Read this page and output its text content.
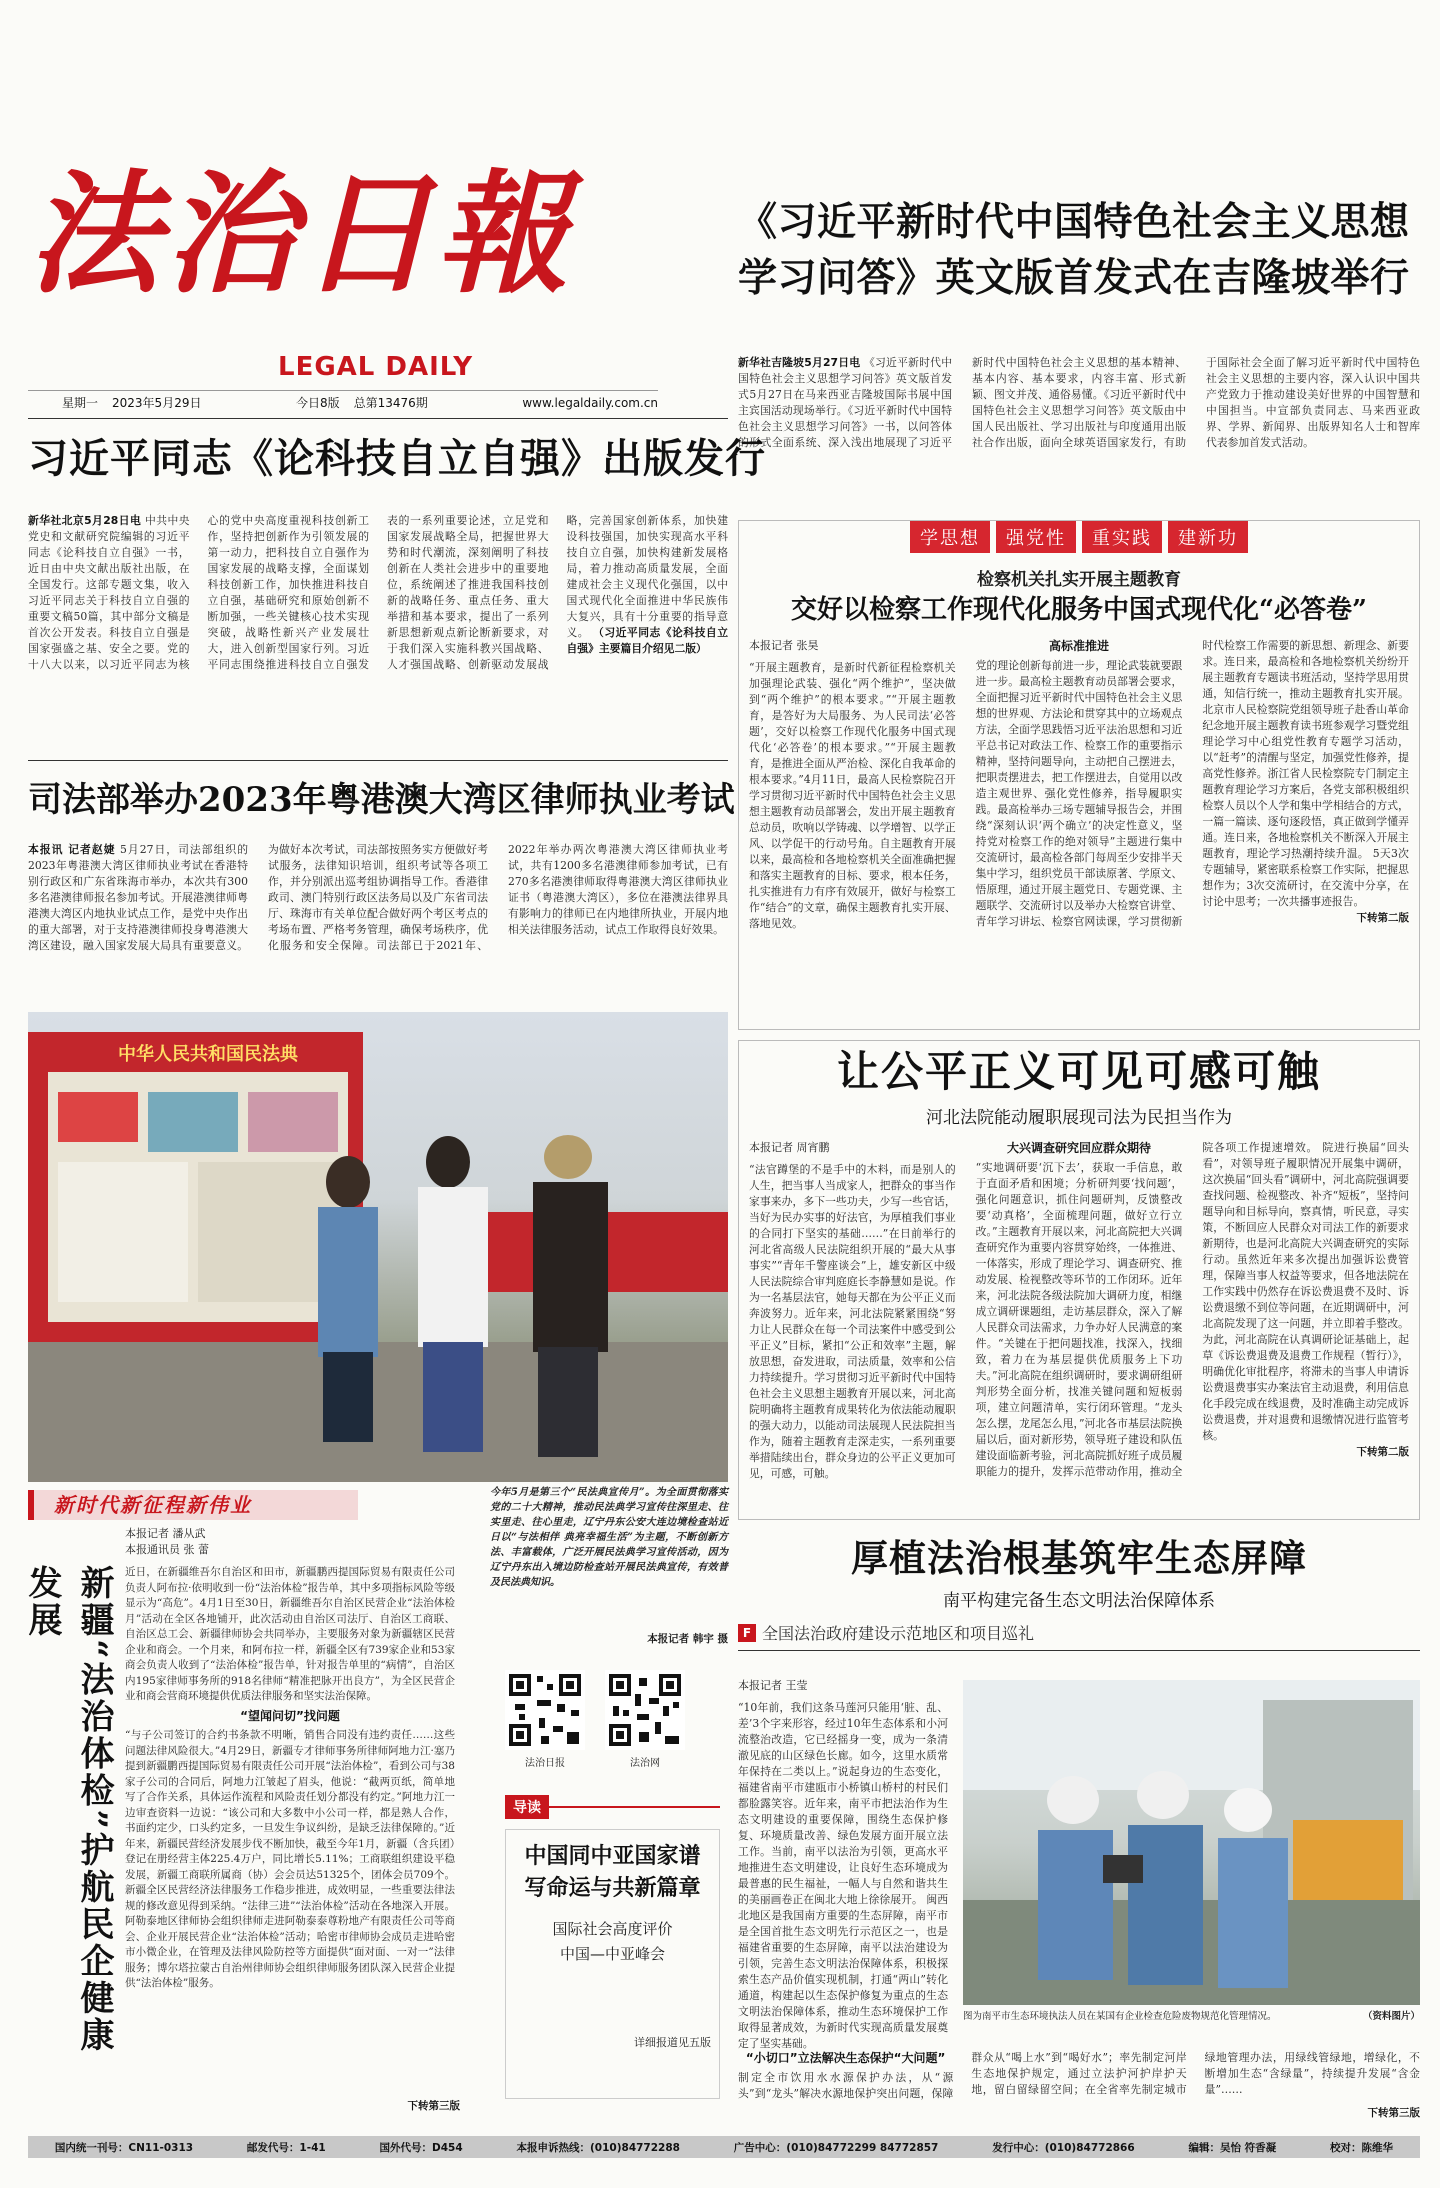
法治日報
LEGAL DAILY
星期一 2023年5月29日	今日8版 总第13476期	www.legaldaily.com.cn
《习近平新时代中国特色社会主义思想学习问答》英文版首发式在吉隆坡举行
新华社吉隆坡5月27日电 《习近平新时代中国特色社会主义思想学习问答》英文版首发式5月27日在马来西亚吉隆坡国际书展中国主宾国活动现场举行。《习近平新时代中国特色社会主义思想学习问答》一书，以问答体的形式全面系统、深入浅出地展现了习近平新时代中国特色社会主义思想的基本精神、基本内容、基本要求，内容丰富、形式新颖、图文并茂、通俗易懂。《习近平新时代中国特色社会主义思想学习问答》英文版由中国人民出版社、学习出版社与印度通用出版社合作出版，面向全球英语国家发行，有助于国际社会全面了解习近平新时代中国特色社会主义思想的主要内容，深入认识中国共产党致力于推动建设美好世界的中国智慧和中国担当。中宣部负责同志、马来西亚政界、学界、新闻界、出版界知名人士和智库代表参加首发式活动。
习近平同志《论科技自立自强》出版发行
新华社北京5月28日电 中共中央党史和文献研究院编辑的习近平同志《论科技自立自强》一书，近日由中央文献出版社出版，在全国发行。这部专题文集，收入习近平同志关于科技自立自强的重要文稿50篇，其中部分文稿是首次公开发表。科技自立自强是国家强盛之基、安全之要。党的十八大以来，以习近平同志为核心的党中央高度重视科技创新工作，坚持把创新作为引领发展的第一动力，把科技自立自强作为国家发展的战略支撑，全面谋划科技创新工作，加快推进科技自立自强，基础研究和原始创新不断加强，一些关键核心技术实现突破，战略性新兴产业发展壮大，进入创新型国家行列。习近平同志围绕推进科技自立自强发表的一系列重要论述，立足党和国家发展战略全局，把握世界大势和时代潮流，深刻阐明了科技创新在人类社会进步中的重要地位，系统阐述了推进我国科技创新的战略任务、重点任务、重大举措和基本要求，提出了一系列新思想新观点新论断新要求，对于我们深入实施科教兴国战略、人才强国战略、创新驱动发展战略，完善国家创新体系，加快建设科技强国，加快实现高水平科技自立自强，加快构建新发展格局，着力推动高质量发展，全面建成社会主义现代化强国，以中国式现代化全面推进中华民族伟大复兴，具有十分重要的指导意义。 （习近平同志《论科技自立自强》主要篇目介绍见二版）
司法部举办2023年粤港澳大湾区律师执业考试
本报讯 记者赵婕 5月27日，司法部组织的2023年粤港澳大湾区律师执业考试在香港特别行政区和广东省珠海市举办，本次共有300多名港澳律师报名参加考试。开展港澳律师粤港澳大湾区内地执业试点工作，是党中央作出的重大部署，对于支持港澳律师投身粤港澳大湾区建设，融入国家发展大局具有重要意义。为做好本次考试，司法部按照务实方便做好考试服务，法律知识培训，组织考试等各项工作，并分别派出巡考组协调指导工作。香港律政司、澳门特别行政区法务局以及广东省司法厅、珠海市有关单位配合做好两个考区考点的考场布置、严格考务管理，确保考场秩序，优化服务和安全保障。司法部已于2021年、2022年举办两次粤港澳大湾区律师执业考试，共有1200多名港澳律师参加考试，已有270多名港澳律师取得粤港澳大湾区律师执业证书（粤港澳大湾区），多位在港澳法律界具有影响力的律师已在内地律所执业，开展内地相关法律服务活动，试点工作取得良好效果。
中华人民共和国民法典
学思想	强党性	重实践	建新功
检察机关扎实开展主题教育
交好以检察工作现代化服务中国式现代化“必答卷”
本报记者 张昊
“开展主题教育，是新时代新征程检察机关加强理论武装、强化“两个维护”，坚决做到“两个维护”的根本要求。”“开展主题教育，是答好为大局服务、为人民司法‘必答题’，交好以检察工作现代化服务中国式现代化‘必答卷’的根本要求。”“开展主题教育，是推进全面从严治检、深化自我革命的根本要求。”4月11日，最高人民检察院召开学习贯彻习近平新时代中国特色社会主义思想主题教育动员部署会，发出开展主题教育总动员，吹响以学铸魂、以学增智、以学正风、以学促干的行动号角。自主题教育开展以来，最高检和各地检察机关全面准确把握和落实主题教育的目标、要求，根本任务，扎实推进有力有序有效展开，做好与检察工作“结合”的文章，确保主题教育扎实开展、落地见效。
高标准推进
党的理论创新每前进一步，理论武装就要跟进一步。最高检主题教育动员部署会要求，全面把握习近平新时代中国特色社会主义思想的世界观、方法论和贯穿其中的立场观点方法，全面学思践悟习近平法治思想和习近平总书记对政法工作、检察工作的重要指示精神，坚持问题导向，主动把自己摆进去，把职责摆进去，把工作摆进去，自觉用以改造主观世界、强化党性修养，指导履职实践。最高检举办三场专题辅导报告会，并围绕“深刻认识‘两个确立’的决定性意义，坚持党对检察工作的绝对领导”主题进行集中交流研讨，最高检各部门每周至少安排半天集中学习，组织党员干部读原著、学原文、悟原理，通过开展主题党日、专题党课、主题联学、交流研讨以及举办大检察官讲堂、青年学习讲坛、检察官网读课，学习贯彻新时代检察工作需要的新思想、新理念、新要求。连日来，最高检和各地检察机关纷纷开展主题教育专题读书班活动，坚持学思用贯通，知信行统一，推动主题教育扎实开展。北京市人民检察院党组领导班子赴香山革命纪念地开展主题教育读书班参观学习暨党组理论学习中心组党性教育专题学习活动，以“赶考”的清醒与坚定，加强党性修养，提高党性修养。浙江省人民检察院专门制定主题教育理论学习方案后，各党支部积极组织检察人员以个人学和集中学相结合的方式，一篇一篇读、逐句逐段悟，真正做到学懂弄通。连日来，各地检察机关不断深入开展主题教育，理论学习热潮持续升温。 5天3次专题辅导，紧密联系检察工作实际，把握思想作为；3次交流研讨，在交流中分享，在讨论中思考；一次共播事迹报告。
下转第二版
让公平正义可见可感可触
河北法院能动履职展现司法为民担当作为
本报记者 周宵鹏
“法官蹲堡的不是手中的木料，而是别人的人生，把当事人当成家人，把群众的事当作家事来办，多下一些功夫，少写一些官话，当好为民办实事的好法官，为厚植我们事业的合同打下坚实的基础……”在日前举行的河北省高级人民法院组织开展的“最大从事事实”“青年千警座谈会”上，雄安新区中级人民法院综合审判庭庭长李静慧如是说。作为一名基层法官，她每天都在为公平正义而奔波努力。近年来，河北法院紧紧围绕“努力让人民群众在每一个司法案件中感受到公平正义”目标，紧扣“公正和效率”主题，解放思想，奋发进取，司法质量，效率和公信力持续提升。学习贯彻习近平新时代中国特色社会主义思想主题教育开展以来，河北高院明确将主题教育成果转化为依法能动履职的强大动力，以能动司法展现人民法院担当作为，随着主题教育走深走实，一系列重要举措陆续出台，群众身边的公平正义更加可见，可感，可触。
大兴调查研究回应群众期待
“实地调研要‘沉下去’，获取一手信息，敢于直面矛盾和困境；分析研判要‘找问题’，强化问题意识，抓住问题研判，反馈整改要‘动真格’，全面梳理问题，做好立行立改。”主题教育开展以来，河北高院把大兴调查研究作为重要内容贯穿始终，一体推进、一体落实，形成了理论学习、调查研究、推动发展、检视整改等环节的工作闭环。近年来，河北法院各级法院加大调研力度，相继成立调研课题组，走访基层群众，深入了解人民群众司法需求，力争办好人民满意的案件。“关键在于把问题找准，找深入，找细致，着力在为基层提供优质服务上下功夫。”河北高院在组织调研时，要求调研组研判形势全面分析，找准关键问题和短板弱项，建立问题清单，实行闭环管理。“龙头怎么摆，龙尾怎么甩，”河北各市基层法院换届以后，面对新形势，领导班子建设和队伍建设面临新考验，河北高院抓好班子成员履职能力的提升，发挥示范带动作用，推动全院各项工作提速增效。 院进行换届“回头看”，对领导班子履职情况开展集中调研，这次换届“回头看”调研中，河北高院强调要查找问题、检视整改、补齐“短板”，坚持问题导向和目标导向，察真情，听民意，寻实策，不断回应人民群众对司法工作的新要求新期待，也是河北高院大兴调查研究的实际行动。虽然近年来多次提出加强诉讼费管理，保障当事人权益等要求，但各地法院在工作实践中仍然存在诉讼费退费不及时、诉讼费退缴不到位等问题，在近期调研中，河北高院发现了这一问题，并立即着手整改。为此，河北高院在认真调研论证基础上，起草《诉讼费退费及退费工作规程（暂行）》，明确优化审批程序，将滞未的当事人申请诉讼费退费事实办案法官主动退费，利用信息化手段完成在线退费，及时准确主动完成诉讼费退费，并对退费和退缴情况进行监管考核。
下转第二版
厚植法治根基筑牢生态屏障
南平构建完备生态文明法治保障体系
F 全国法治政府建设示范地区和项目巡礼
本报记者 王莹
“10年前，我们这条马莲河只能用‘脏、乱、差’3个字来形容，经过10年生态体系和小河流整治改造，它已经摇身一变，成为一条清澈见底的山区绿色长廊。如今，这里水质常年保持在二类以上。”说起身边的生态变化，福建省南平市建瓯市小桥镇山桥村的村民们都脸露笑容。近年来，南平市把法治作为生态文明建设的重要保障，围绕生态保护修复、环境质量改善、绿色发展方面开展立法工作。当前，南平以法治为引领，更高水平地推进生态文明建设，让良好生态环境成为最普惠的民生福祉，一幅人与自然和谐共生的美丽画卷正在闽北大地上徐徐展开。 闽西北地区是我国南方重要的生态屏障，南平市是全国首批生态文明先行示范区之一，也是福建省重要的生态屏障，南平以法治建设为引领，完善生态文明法治保障体系，积极探索生态产品价值实现机制，打通“两山”转化通道，构建起以生态保护修复为重点的生态文明法治保障体系，推动生态环境保护工作取得显著成效，为新时代实现高质量发展奠定了坚实基础。
图为南平市生态环境执法人员在某国有企业检查危险废物规范化管理情况。	（资料图片）
“小切口”立法解决生态保护“大问题”
制定全市饮用水水源保护办法，从“源头”到“龙头”解决水源地保护突出问题，保障群众从“喝上水”到“喝好水”；率先制定河岸生态地保护规定，通过立法护河护岸护天地，留白留绿留空间；在全省率先制定城市绿地管理办法，用绿线管绿地，增绿化，不断增加生态“含绿量”，持续提升发展“含金量”……
下转第三版
今年5月是第三个“民法典宣传月”。为全面贯彻落实党的二十大精神，推动民法典学习宣传往深里走、往实里走、往心里走，辽宁丹东公安大连边境检查站近日以“与法相伴 典亮幸福生活”为主题，不断创新方法、丰富载体，广泛开展民法典学习宣传活动，因为辽宁丹东出入境边防检查站开展民法典宣传，有效普及民法典知识。
本报记者 韩宇 摄
新时代新征程新伟业
新疆“法治体检”护航民企健康发展
本报记者 潘从武
本报通讯员 张 蕾
近日，在新疆维吾尔自治区和田市，新疆鹏西提国际贸易有限责任公司负责人阿布拉·依明收到一份“法治体检”报告单，其中多项指标风险等级显示为“高危”。4月1日至30日，新疆维吾尔自治区民营企业“法治体检月”活动在全区各地铺开，此次活动由自治区司法厅、自治区工商联、自治区总工会、新疆律师协会共同举办，主要服务对象为新疆辖区民营企业和商会。一个月来，和阿布拉一样，新疆全区有739家企业和53家商会负责人收到了“法治体检”报告单，针对报告单里的“病情”，自治区内195家律师事务所的918名律师“精准把脉开出良方”，为全区民营企业和商会营商环境提供优质法律服务和坚实法治保障。
“望闻问切”找问题
“与子公司签订的合约书条款不明晰，销售合同没有违约责任……这些问题法律风险很大。”4月29日，新疆专才律师事务所律师阿地力江·塞乃提到新疆鹏西提国际贸易有限责任公司开展“法治体检”，看到公司与38家子公司的合同后，阿地力江皱起了眉头，他说：“截两页纸，简单地写了合作关系，具体运作流程和风险责任划分都没有约定。”阿地力江一边审查资料一边说：“该公司和大多数中小公司一样，都是熟人合作，书面约定少，口头约定多，一旦发生争议纠纷，是缺乏法律保障的。”近年来，新疆民营经济发展步伐不断加快，截至今年1月，新疆（含兵团）登记在册经营主体225.4万户，同比增长5.11%；工商联组织建设平稳发展，新疆工商联所属商（协）会会员达51325个，团体会员709个。新疆全区民营经济法律服务工作稳步推进，成效明显，一些重要法律法规的修改意见得到采纳。“法律三进”“法治体检”活动在各地深入开展。阿勒泰地区律师协会组织律师走进阿勒泰泰尊粉地产有限责任公司等商会、企业开展民营企业“法治体检”活动；哈密市律师协会成员走进哈密市小微企业，在管理及法律风险防控等方面提供“面对面、一对一”法律服务；博尔塔拉蒙古自治州律师协会组织律师服务团队深入民营企业提供“法治体检”服务。
下转第三版
法治日报	法治网
导读
中国同中亚国家谱写命运与共新篇章
国际社会高度评价
中国—中亚峰会
详细报道见五版
国内统一刊号：CN11-0313	邮发代号：1-41	国外代号：D454	本报申诉热线：(010)84772288	广告中心：(010)84772299 84772857	发行中心：(010)84772866	编辑：吴怡 符香凝	校对：陈维华
